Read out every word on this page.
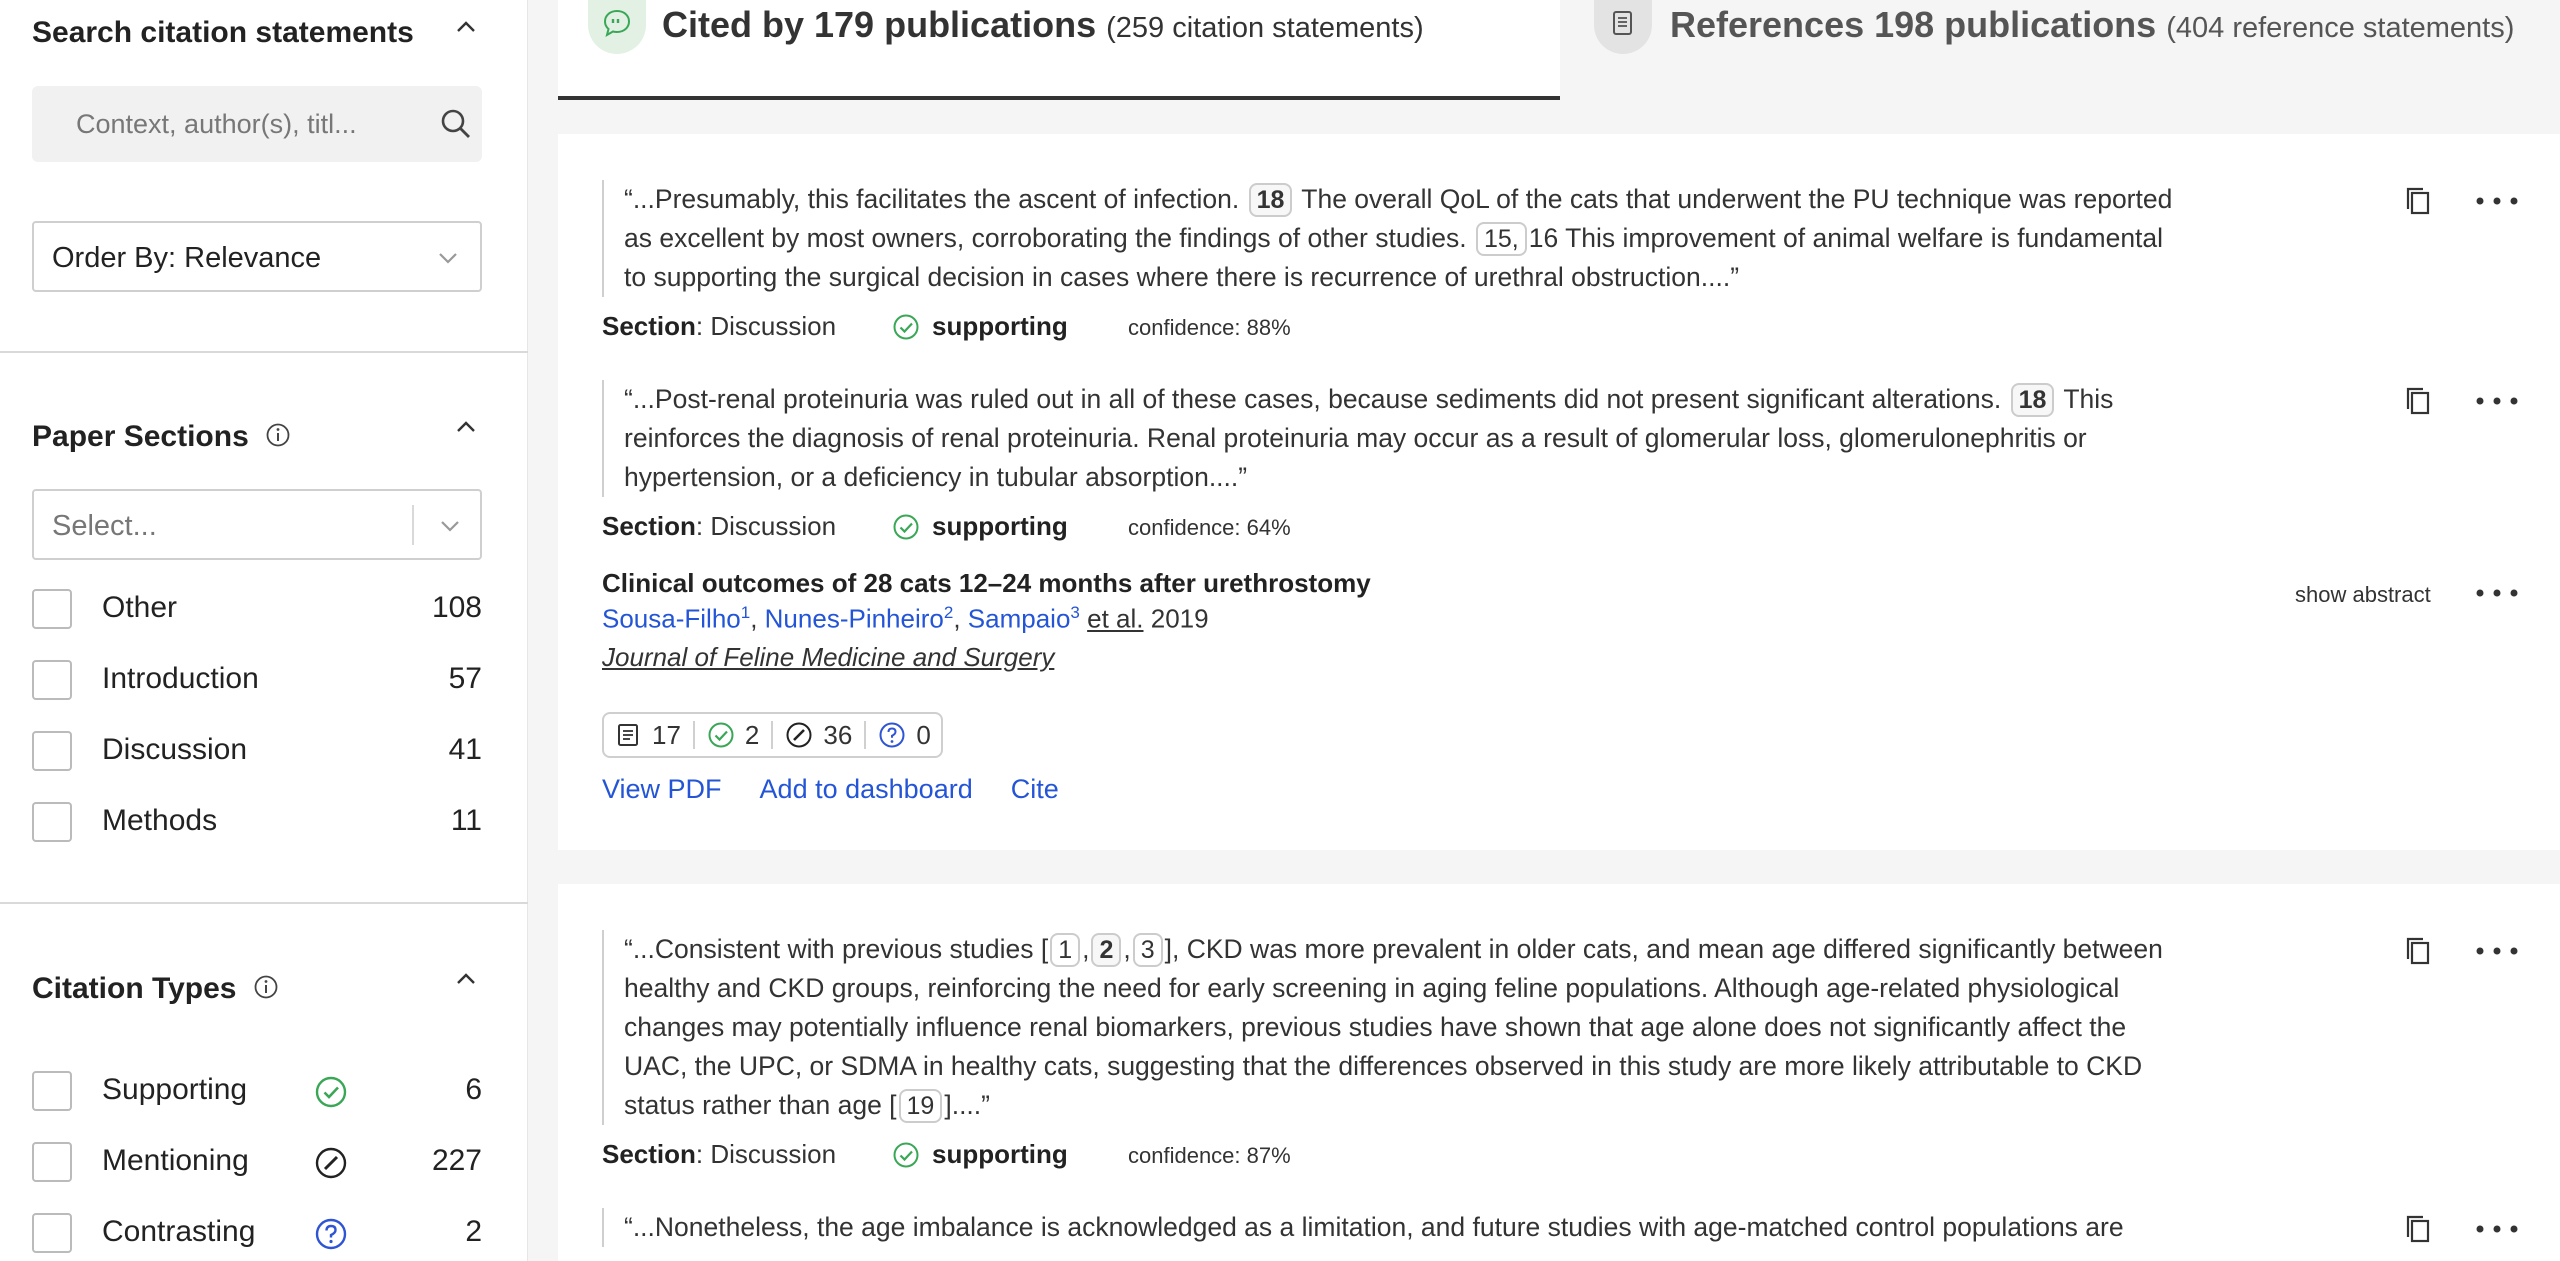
Search citation statements
Context, author(s), titl...
Order By: Relevance
Paper Sections
Select...
Other	108
Introduction	57
Discussion	41
Methods	11
Citation Types
Supporting	6
Mentioning	227
Contrasting	2
Cited by 179 publications (259 citation statements)	References 198 publications (404 reference statements)
“...Presumably, this facilitates the ascent of infection. 18 The overall QoL of the cats that underwent the PU technique was reported as excellent by most owners, corroborating the findings of other studies. 15, 16 This improvement of animal welfare is fundamental to supporting the surgical decision in cases where there is recurrence of urethral obstruction....”
Section: Discussion	supporting	confidence: 88%
“...Post-renal proteinuria was ruled out in all of these cases, because sediments did not present significant alterations. 18 This reinforces the diagnosis of renal proteinuria. Renal proteinuria may occur as a result of glomerular loss, glomerulonephritis or hypertension, or a deficiency in tubular absorption....”
Section: Discussion	supporting	confidence: 64%
Clinical outcomes of 28 cats 12–24 months after urethrostomy
Sousa-Filho$^1$, Nunes-Pinheiro$^2$, Sampaio$^3$ et al. 2019
Journal of Feline Medicine and Surgery
show abstract
17 2 36 0
View PDF Add to dashboard Cite
“...Consistent with previous studies [ 1 , 2 , 3 ], CKD was more prevalent in older cats, and mean age differed significantly between healthy and CKD groups, reinforcing the need for early screening in aging feline populations. Although age-related physiological changes may potentially influence renal biomarkers, previous studies have shown that age alone does not significantly affect the UAC, the UPC, or SDMA in healthy cats, suggesting that the differences observed in this study are more likely attributable to CKD status rather than age [ 19 ]....”
Section: Discussion	supporting	confidence: 87%
“...Nonetheless, the age imbalance is acknowledged as a limitation, and future studies with age-matched control populations are
